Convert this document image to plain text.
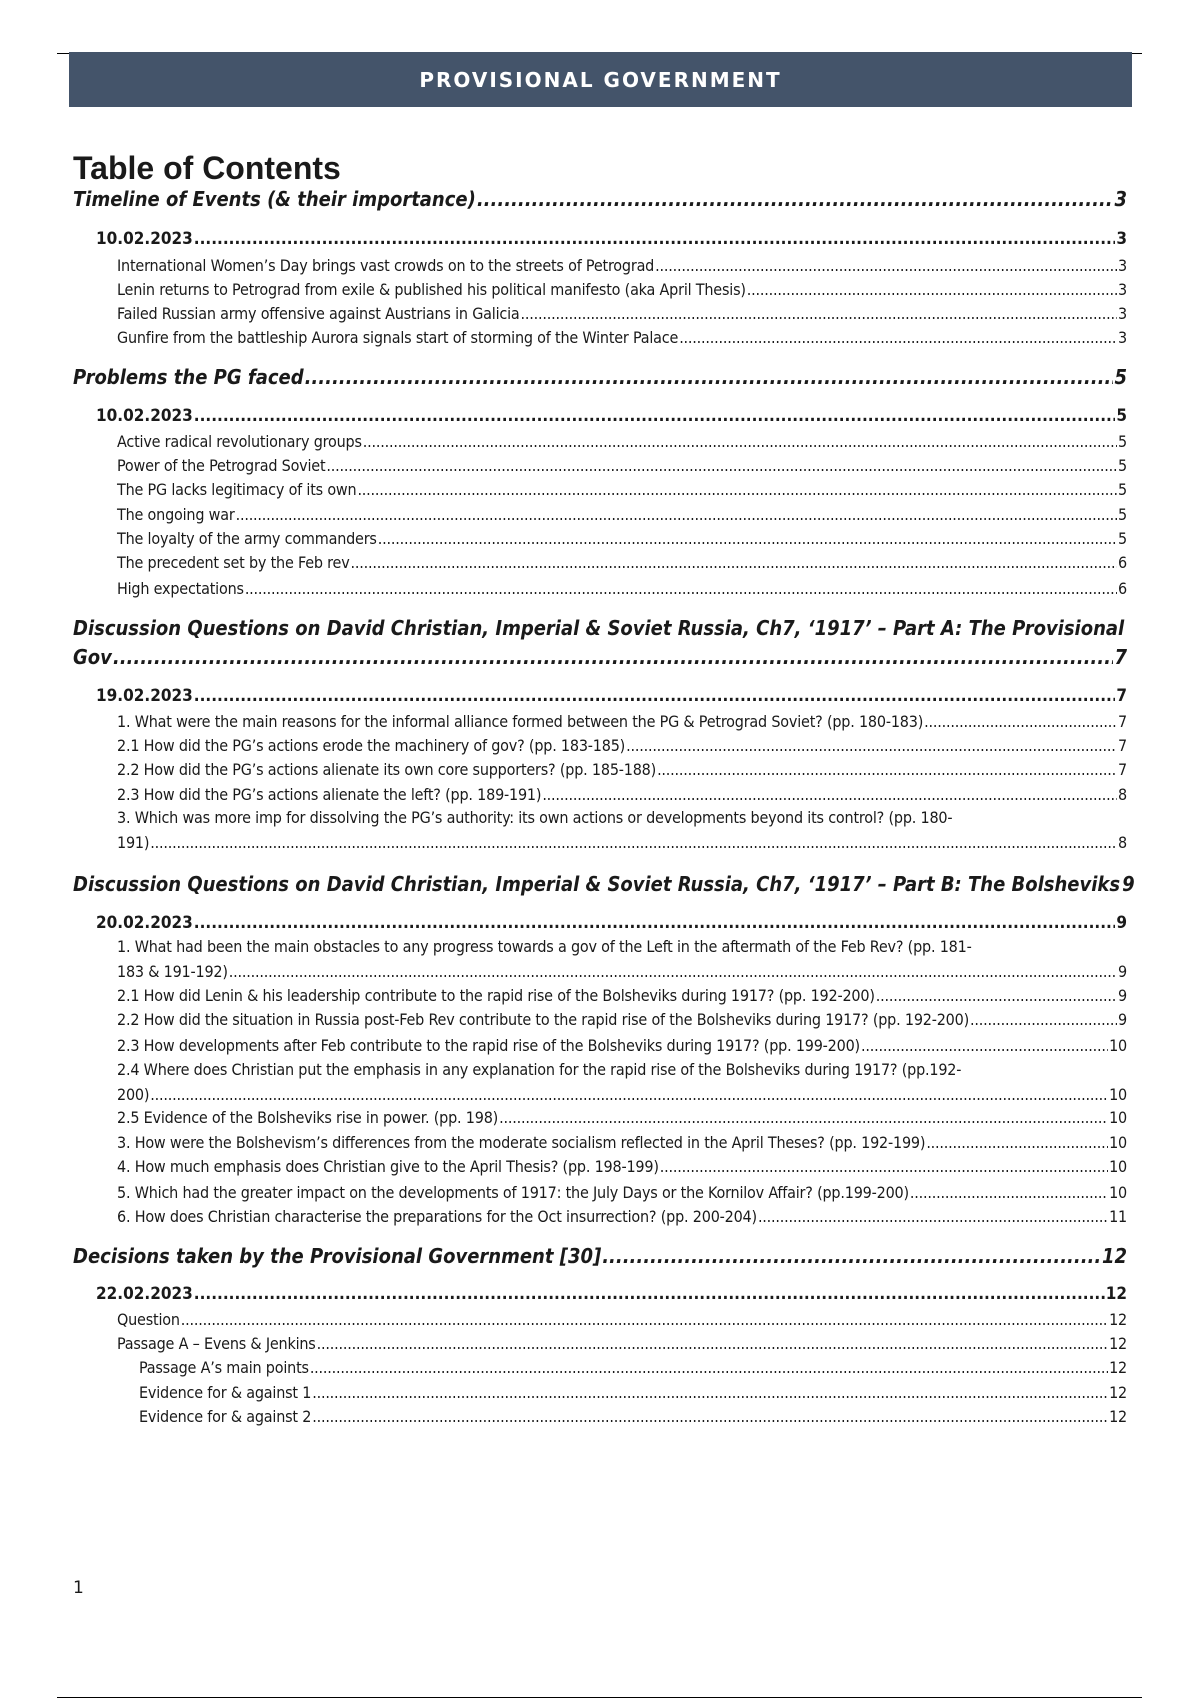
PROVISIONAL GOVERNMENT
Table of Contents
Timeline of Events (& their importance) .....	3
10.02.2023 .....	3
International Women’s Day brings vast crowds on to the streets of Petrograd .....	3
Lenin returns to Petrograd from exile & published his political manifesto (aka April Thesis) .....	3
Failed Russian army offensive against Austrians in Galicia .....	3
Gunfire from the battleship Aurora signals start of storming of the Winter Palace .....	3
Problems the PG faced .....	5
10.02.2023 .....	5
Active radical revolutionary groups .....	5
Power of the Petrograd Soviet .....	5
The PG lacks legitimacy of its own .....	5
The ongoing war .....	5
The loyalty of the army commanders .....	5
The precedent set by the Feb rev .....	6
High expectations .....	6
Discussion Questions on David Christian, Imperial & Soviet Russia, Ch7, ‘1917’ – Part A: The Provisional
Gov .....	7
19.02.2023 .....	7
1. What were the main reasons for the informal alliance formed between the PG & Petrograd Soviet? (pp. 180-183) .....	7
2.1 How did the PG’s actions erode the machinery of gov? (pp. 183-185) .....	7
2.2 How did the PG’s actions alienate its own core supporters? (pp. 185-188) .....	7
2.3 How did the PG’s actions alienate the left? (pp. 189-191) .....	8
3. Which was more imp for dissolving the PG’s authority: its own actions or developments beyond its control? (pp. 180-
191) .....	8
Discussion Questions on David Christian, Imperial & Soviet Russia, Ch7, ‘1917’ – Part B: The Bolsheviks 9
20.02.2023 .....	9
1. What had been the main obstacles to any progress towards a gov of the Left in the aftermath of the Feb Rev? (pp. 181-
183 & 191-192) .....	9
2.1 How did Lenin & his leadership contribute to the rapid rise of the Bolsheviks during 1917? (pp. 192-200) .....	9
2.2 How did the situation in Russia post-Feb Rev contribute to the rapid rise of the Bolsheviks during 1917? (pp. 192-200) .....	9
2.3 How developments after Feb contribute to the rapid rise of the Bolsheviks during 1917? (pp. 199-200) .....	10
2.4 Where does Christian put the emphasis in any explanation for the rapid rise of the Bolsheviks during 1917? (pp.192-
200) .....	10
2.5 Evidence of the Bolsheviks rise in power. (pp. 198) .....	10
3. How were the Bolshevism’s differences from the moderate socialism reflected in the April Theses? (pp. 192-199) .....	10
4. How much emphasis does Christian give to the April Thesis? (pp. 198-199) .....	10
5. Which had the greater impact on the developments of 1917: the July Days or the Kornilov Affair? (pp.199-200) .....	10
6. How does Christian characterise the preparations for the Oct insurrection? (pp. 200-204) .....	11
Decisions taken by the Provisional Government [30] .....	12
22.02.2023 .....	12
Question .....	12
Passage A – Evens & Jenkins .....	12
Passage A’s main points .....	12
Evidence for & against 1 .....	12
Evidence for & against 2 .....	12
1
